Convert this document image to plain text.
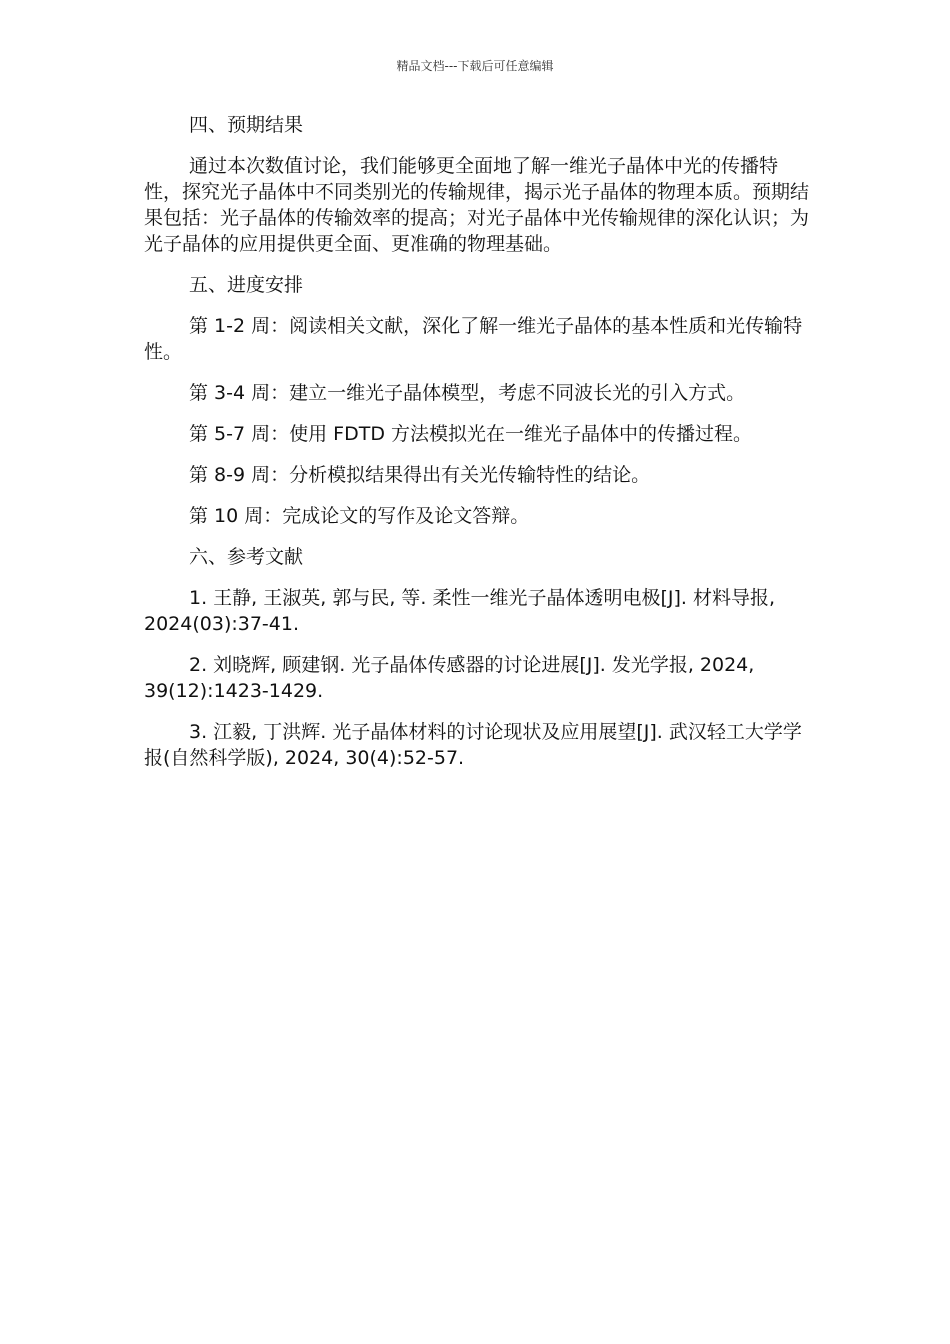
精品文档---下载后可任意编辑

四、预期结果

通过本次数值讨论，我们能够更全面地了解一维光子晶体中光的传播特性，探究光子晶体中不同类别光的传输规律，揭示光子晶体的物理本质。预期结果包括：光子晶体的传输效率的提高；对光子晶体中光传输规律的深化认识；为光子晶体的应用提供更全面、更准确的物理基础。

五、进度安排

第 1-2 周：阅读相关文献，深化了解一维光子晶体的基本性质和光传输特性。

第 3-4 周：建立一维光子晶体模型，考虑不同波长光的引入方式。

第 5-7 周：使用 FDTD 方法模拟光在一维光子晶体中的传播过程。

第 8-9 周：分析模拟结果得出有关光传输特性的结论。

第 10 周：完成论文的写作及论文答辩。

六、参考文献

1. 王静, 王淑英, 郭与民, 等. 柔性一维光子晶体透明电极[J]. 材料导报, 2024(03):37-41.

2. 刘晓辉, 顾建钢. 光子晶体传感器的讨论进展[J]. 发光学报, 2024, 39(12):1423-1429.

3. 江毅, 丁洪辉. 光子晶体材料的讨论现状及应用展望[J]. 武汉轻工大学学报(自然科学版), 2024, 30(4):52-57.
